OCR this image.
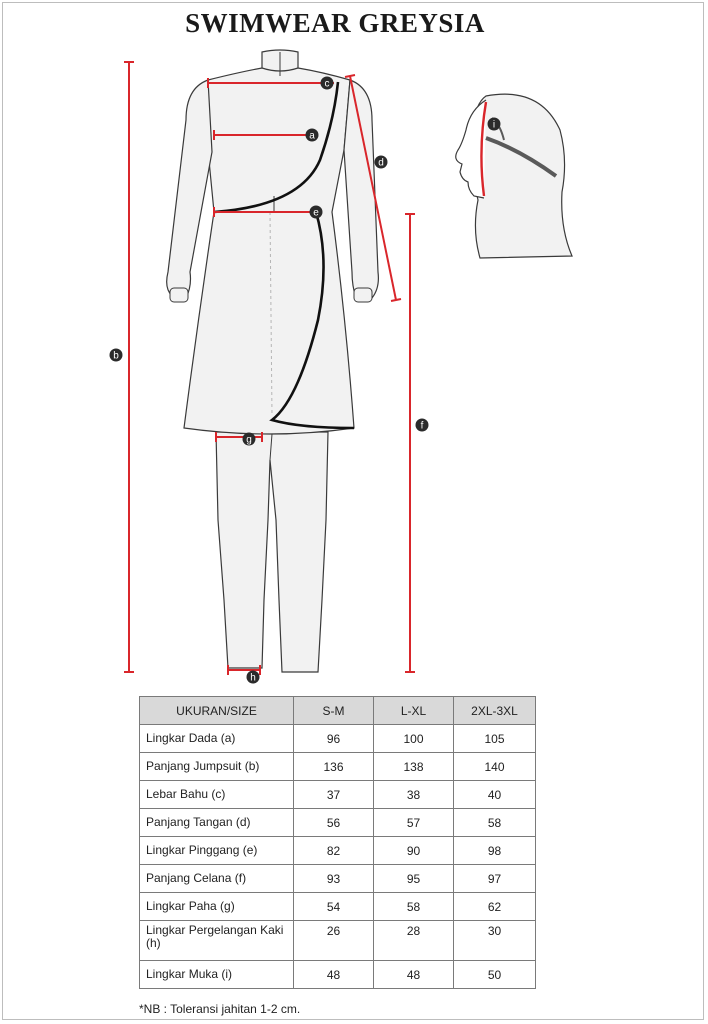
SWIMWEAR GREYSIA
a
b
c
d
e
f
g
h
i
UKURAN/SIZE	S-M	L-XL	2XL-3XL
Lingkar Dada (a)	96	100	105
Panjang Jumpsuit (b)	136	138	140
Lebar Bahu (c)	37	38	40
Panjang Tangan (d)	56	57	58
Lingkar Pinggang (e)	82	90	98
Panjang Celana (f)	93	95	97
Lingkar Paha (g)	54	58	62
Lingkar Pergelangan Kaki (h)	26	28	30
Lingkar Muka (i)	48	48	50
*NB : Toleransi jahitan 1-2 cm.
